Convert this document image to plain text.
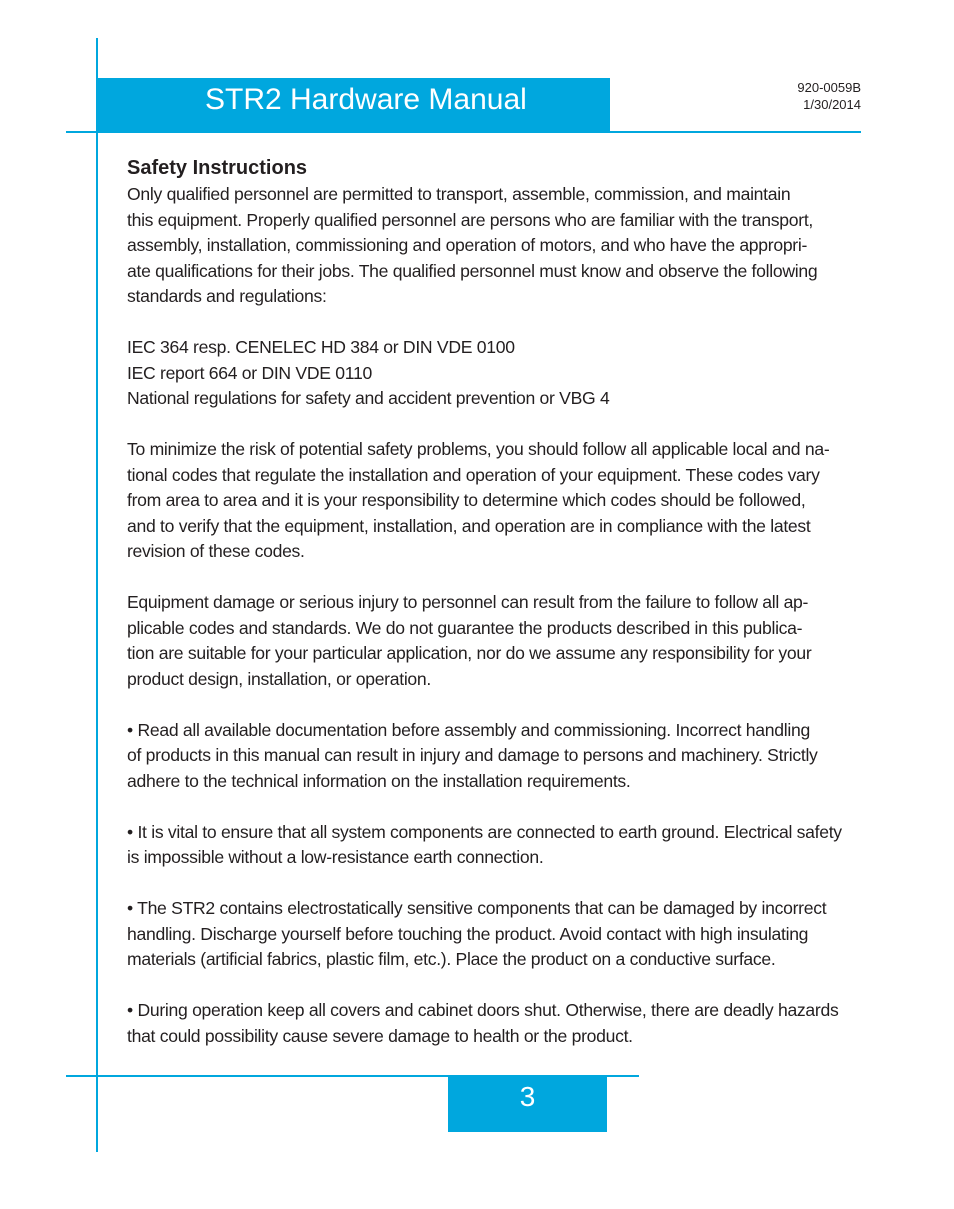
STR2 Hardware Manual	920-0059B
1/30/2014
Safety Instructions
Only qualified personnel are permitted to transport, assemble, commission, and maintain
this equipment. Properly qualified personnel are persons who are familiar with the transport,
assembly, installation, commissioning and operation of motors, and who have the appropri-
ate qualifications for their jobs. The qualified personnel must know and observe the following
standards and regulations:
IEC 364 resp. CENELEC HD 384 or DIN VDE 0100
IEC report 664 or DIN VDE 0110
National regulations for safety and accident prevention or VBG 4
To minimize the risk of potential safety problems, you should follow all applicable local and na-
tional codes that regulate the installation and operation of your equipment. These codes vary
from area to area and it is your responsibility to determine which codes should be followed,
and to verify that the equipment, installation, and operation are in compliance with the latest
revision of these codes.
Equipment damage or serious injury to personnel can result from the failure to follow all ap-
plicable codes and standards. We do not guarantee the products described in this publica-
tion are suitable for your particular application, nor do we assume any responsibility for your
product design, installation, or operation.
• Read all available documentation before assembly and commissioning. Incorrect handling
of products in this manual can result in injury and damage to persons and machinery. Strictly
adhere to the technical information on the installation requirements.
• It is vital to ensure that all system components are connected to earth ground. Electrical safety
is impossible without a low-resistance earth connection.
• The STR2 contains electrostatically sensitive components that can be damaged by incorrect
handling. Discharge yourself before touching the product. Avoid contact with high insulating
materials (artificial fabrics, plastic film, etc.). Place the product on a conductive surface.
• During operation keep all covers and cabinet doors shut. Otherwise, there are deadly hazards
that could possibility cause severe damage to health or the product.
3
